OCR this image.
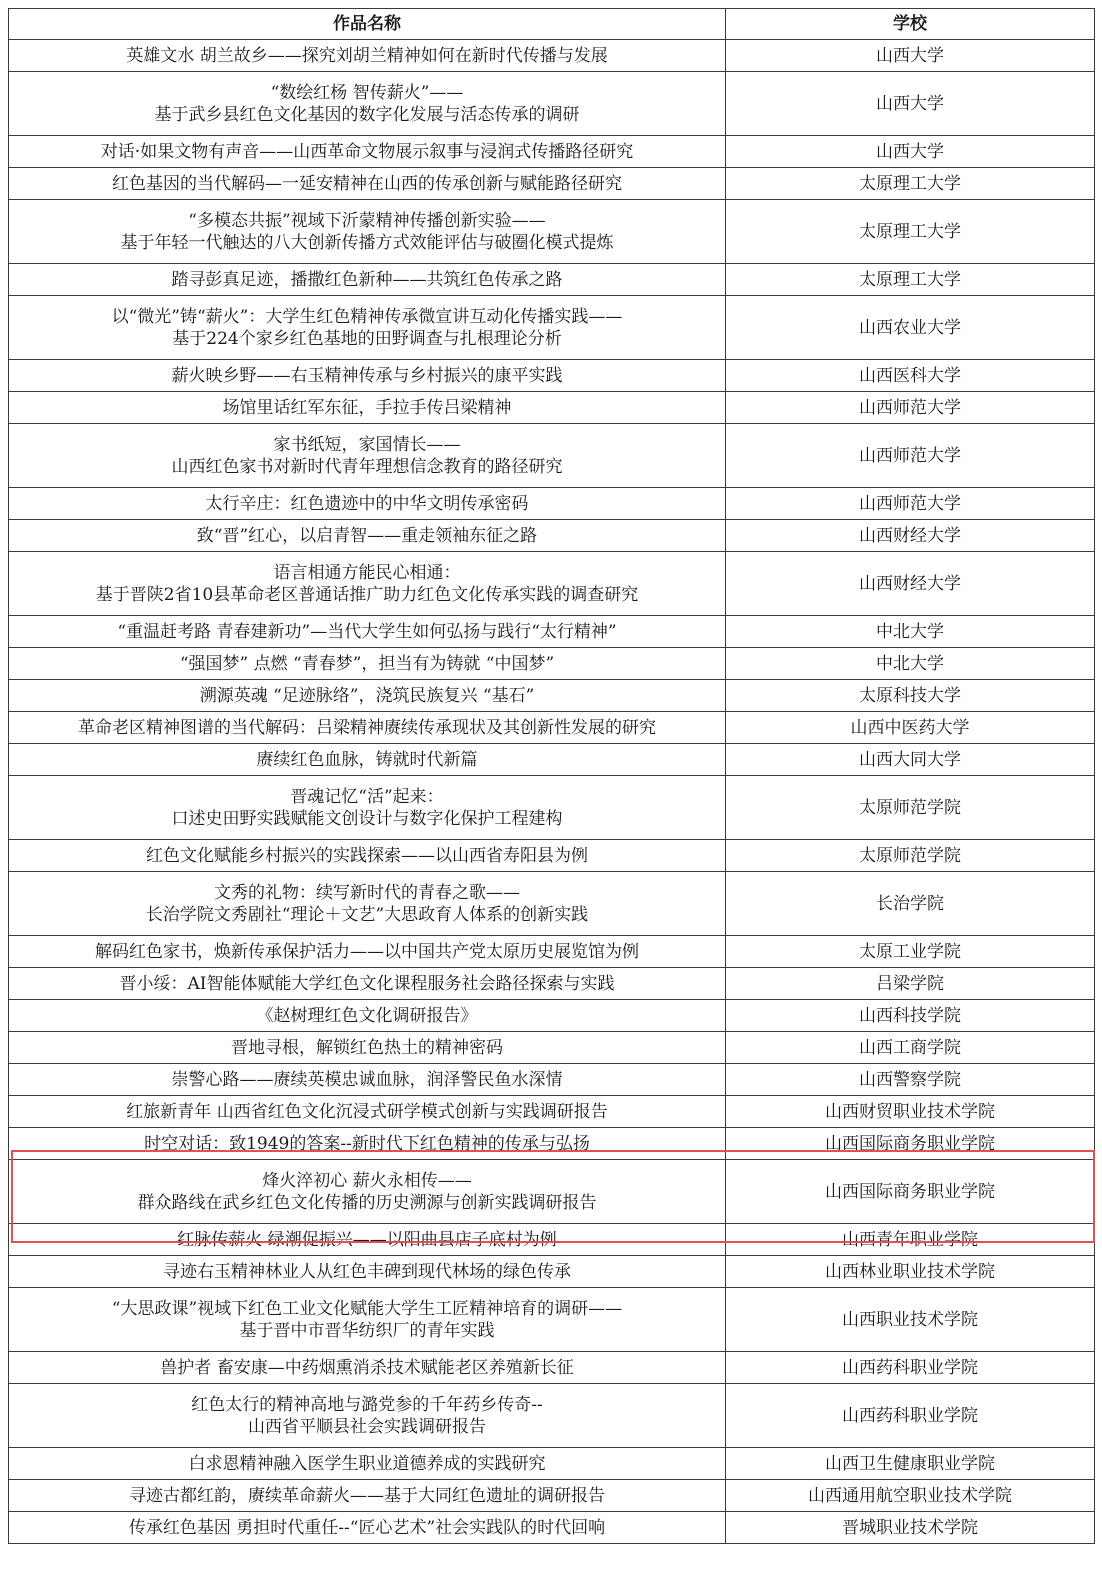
作品名称	学校

英雄文水 胡兰故乡——探究刘胡兰精神如何在新时代传播与发展	山西大学

“数绘红杨 智传薪火”——
基于武乡县红色文化基因的数字化发展与活态传承的调研	山西大学

对话·如果文物有声音——山西革命文物展示叙事与浸润式传播路径研究	山西大学

红色基因的当代解码—一延安精神在山西的传承创新与赋能路径研究	太原理工大学

“多模态共振”视域下沂蒙精神传播创新实验——
基于年轻一代触达的八大创新传播方式效能评估与破圈化模式提炼	太原理工大学

踏寻彭真足迹，播撒红色新种——共筑红色传承之路	太原理工大学

以“微光”铸“薪火”：大学生红色精神传承微宣讲互动化传播实践——
基于224个家乡红色基地的田野调查与扎根理论分析	山西农业大学

薪火映乡野——右玉精神传承与乡村振兴的康平实践	山西医科大学

场馆里话红军东征，手拉手传吕梁精神	山西师范大学

家书纸短，家国情长——
山西红色家书对新时代青年理想信念教育的路径研究	山西师范大学

太行辛庄：红色遗迹中的中华文明传承密码	山西师范大学

致“晋”红心，以启青智——重走领袖东征之路	山西财经大学

语言相通方能民心相通：
基于晋陕2省10县革命老区普通话推广助力红色文化传承实践的调查研究	山西财经大学

“重温赶考路 青春建新功”—当代大学生如何弘扬与践行“太行精神”	中北大学

“强国梦” 点燃 “青春梦”，担当有为铸就 “中国梦”	中北大学

溯源英魂 “足迹脉络”，浇筑民族复兴 “基石”	太原科技大学

革命老区精神图谱的当代解码：吕梁精神赓续传承现状及其创新性发展的研究	山西中医药大学

赓续红色血脉，铸就时代新篇	山西大同大学

晋魂记忆“活”起来：
口述史田野实践赋能文创设计与数字化保护工程建构	太原师范学院

红色文化赋能乡村振兴的实践探索——以山西省寿阳县为例	太原师范学院

文秀的礼物：续写新时代的青春之歌——
长治学院文秀剧社“理论＋文艺”大思政育人体系的创新实践	长治学院

解码红色家书，焕新传承保护活力——以中国共产党太原历史展览馆为例	太原工业学院

晋小绥：AI智能体赋能大学红色文化课程服务社会路径探索与实践	吕梁学院

《赵树理红色文化调研报告》	山西科技学院

晋地寻根，解锁红色热土的精神密码	山西工商学院

崇警心路——赓续英模忠诚血脉，润泽警民鱼水深情	山西警察学院

红旅新青年 山西省红色文化沉浸式研学模式创新与实践调研报告	山西财贸职业技术学院

时空对话：致1949的答案--新时代下红色精神的传承与弘扬	山西国际商务职业学院

烽火淬初心 薪火永相传——
群众路线在武乡红色文化传播的历史溯源与创新实践调研报告	山西国际商务职业学院

红脉传薪火 绿潮促振兴——以阳曲县店子底村为例	山西青年职业学院

寻迹右玉精神林业人从红色丰碑到现代林场的绿色传承	山西林业职业技术学院

“大思政课”视域下红色工业文化赋能大学生工匠精神培育的调研——
基于晋中市晋华纺织厂的青年实践	山西职业技术学院

兽护者 畜安康—中药烟熏消杀技术赋能老区养殖新长征	山西药科职业学院

红色太行的精神高地与潞党参的千年药乡传奇--
山西省平顺县社会实践调研报告	山西药科职业学院

白求恩精神融入医学生职业道德养成的实践研究	山西卫生健康职业学院

寻迹古都红韵，赓续革命薪火——基于大同红色遗址的调研报告	山西通用航空职业技术学院

传承红色基因 勇担时代重任--“匠心艺术”社会实践队的时代回响	晋城职业技术学院
